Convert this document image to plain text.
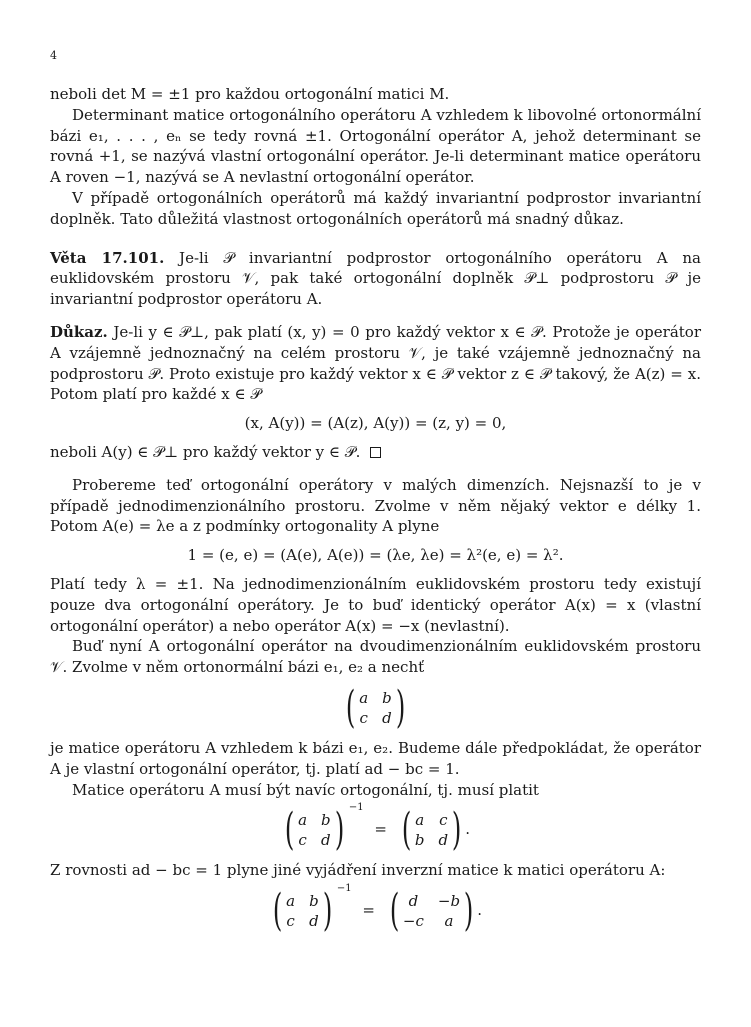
4

neboli det M = ±1 pro každou ortogonální matici M.

Determinant matice ortogonálního operátoru A vzhledem k libovolné ortonormální bázi e₁, . . . , eₙ se tedy rovná ±1. Ortogonální operátor A, jehož determinant se rovná +1, se nazývá vlastní ortogonální operátor. Je-li determinant matice operátoru A roven −1, nazývá se A nevlastní ortogonální operátor.

V případě ortogonálních operátorů má každý invariantní podprostor invariantní doplněk. Tato důležitá vlastnost ortogonálních operátorů má snadný důkaz.

Věta 17.101. Je-li 𝒫 invariantní podprostor ortogonálního operátoru A na euklidovském prostoru 𝒱, pak také ortogonální doplněk 𝒫⊥ podprostoru 𝒫 je invariantní podprostor operátoru A.

Důkaz. Je-li y ∈ 𝒫⊥, pak platí (x, y) = 0 pro každý vektor x ∈ 𝒫. Protože je operátor A vzájemně jednoznačný na celém prostoru 𝒱, je také vzájemně jednoznačný na podprostoru 𝒫. Proto existuje pro každý vektor x ∈ 𝒫 vektor z ∈ 𝒫 takový, že A(z) = x. Potom platí pro každé x ∈ 𝒫

(x, A(y)) = (A(z), A(y)) = (z, y) = 0,

neboli A(y) ∈ 𝒫⊥ pro každý vektor y ∈ 𝒫.

Probereme teď ortogonální operátory v malých dimenzích. Nejsnazší to je v případě jednodimenzionálního prostoru. Zvolme v něm nějaký vektor e délky 1. Potom A(e) = λe a z podmínky ortogonality A plyne

1 = (e, e) = (A(e), A(e)) = (λe, λe) = λ²(e, e) = λ².

Platí tedy λ = ±1. Na jednodimenzionálním euklidovském prostoru tedy existují pouze dva ortogonální operátory. Je to buď identický operátor A(x) = x (vlastní ortogonální operátor) a nebo operátor A(x) = −x (nevlastní).

Buď nyní A ortogonální operátor na dvoudimenzionálním euklidovském prostoru 𝒱. Zvolme v něm ortonormální bázi e₁, e₂ a nechť

( a b
c d )

je matice operátoru A vzhledem k bázi e₁, e₂. Budeme dále předpokládat, že operátor A je vlastní ortogonální operátor, tj. platí ad − bc = 1.

Matice operátoru A musí být navíc ortogonální, tj. musí platit

( a b
c d ) $^{-1}$ = ( a c
b d ) .

Z rovnosti ad − bc = 1 plyne jiné vyjádření inverzní matice k matici operátoru A:

( a b
c d ) $^{-1}$ = ( d	−b
−c	a ) .
